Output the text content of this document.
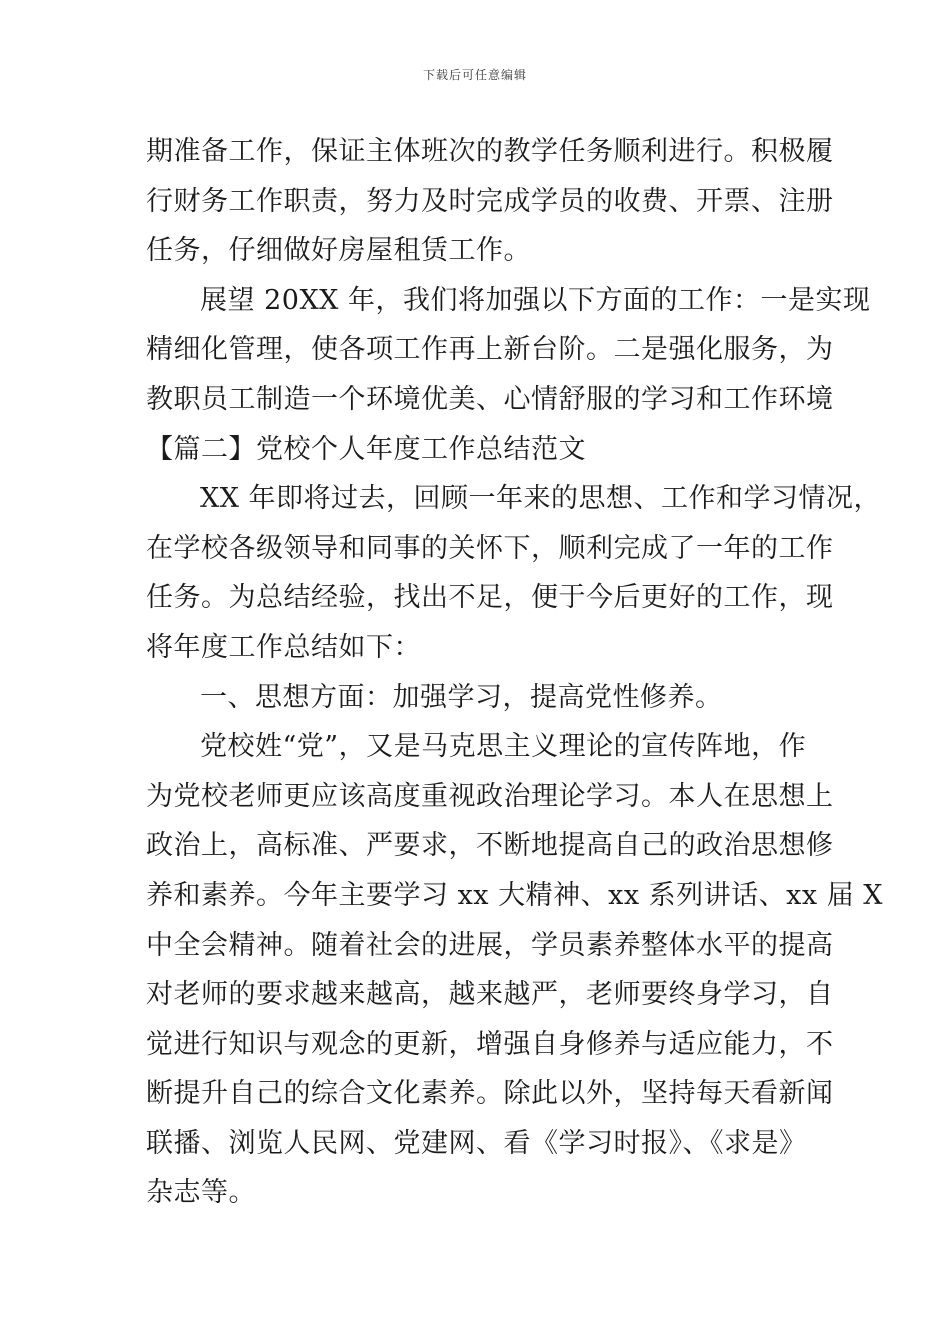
下载后可任意编辑
期准备工作，保证主体班次的教学任务顺利进行。积极履
行财务工作职责，努力及时完成学员的收费、开票、注册
任务，仔细做好房屋租赁工作。
展望 20XX 年，我们将加强以下方面的工作：一是实现
精细化管理，使各项工作再上新台阶。二是强化服务，为
教职员工制造一个环境优美、心情舒服的学习和工作环境
【篇二】党校个人年度工作总结范文
XX 年即将过去，回顾一年来的思想、工作和学习情况，
在学校各级领导和同事的关怀下，顺利完成了一年的工作
任务。为总结经验，找出不足，便于今后更好的工作，现
将年度工作总结如下：
一、思想方面：加强学习，提高党性修养。
党校姓“党”，又是马克思主义理论的宣传阵地，作
为党校老师更应该高度重视政治理论学习。本人在思想上
政治上，高标准、严要求，不断地提高自己的政治思想修
养和素养。今年主要学习 xx 大精神、xx 系列讲话、xx 届 X
中全会精神。随着社会的进展，学员素养整体水平的提高
对老师的要求越来越高，越来越严，老师要终身学习，自
觉进行知识与观念的更新，增强自身修养与适应能力，不
断提升自己的综合文化素养。除此以外，坚持每天看新闻
联播、浏览人民网、党建网、看《学习时报》、《求是》
杂志等。
